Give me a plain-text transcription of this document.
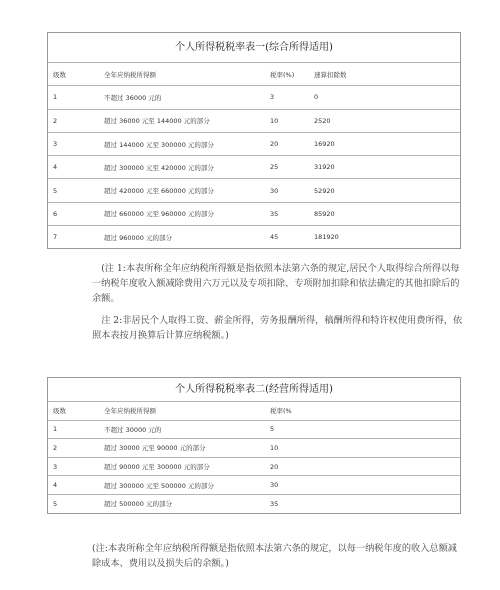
个人所得税税率表一(综合所得适用)
级数	全年应纳税所得额	税率(%)	速算扣除数
1	不超过 36000 元的	3	0
2	超过 36000 元至 144000 元的部分	10	2520
3	超过 144000 元至 300000 元的部分	20	16920
4	超过 300000 元至 420000 元的部分	25	31920
5	超过 420000 元至 660000 元的部分	30	52920
6	超过 660000 元至 960000 元的部分	35	85920
7	超过 960000 元的部分	45	181920

(注 1:本表所称全年应纳税所得额是指依照本法第六条的规定,居民个人取得综合所得以每一纳税年度收入额减除费用六万元以及专项扣除、专项附加扣除和依法确定的其他扣除后的余额。

注 2:非居民个人取得工资、薪金所得，劳务报酬所得，稿酬所得和特许权使用费所得，依照本表按月换算后计算应纳税额。)

个人所得税税率表二(经营所得适用)
级数	全年应纳税所得额	税率(%
1	不超过 30000 元的	5
2	超过 30000 元至 90000 元的部分	10
3	超过 90000 元至 300000 元的部分	20
4	超过 300000 元至 500000 元的部分	30
5	超过 500000 元的部分	35

(注:本表所称全年应纳税所得额是指依照本法第六条的规定，以每一纳税年度的收入总额减除成本、费用以及损失后的余额。)
